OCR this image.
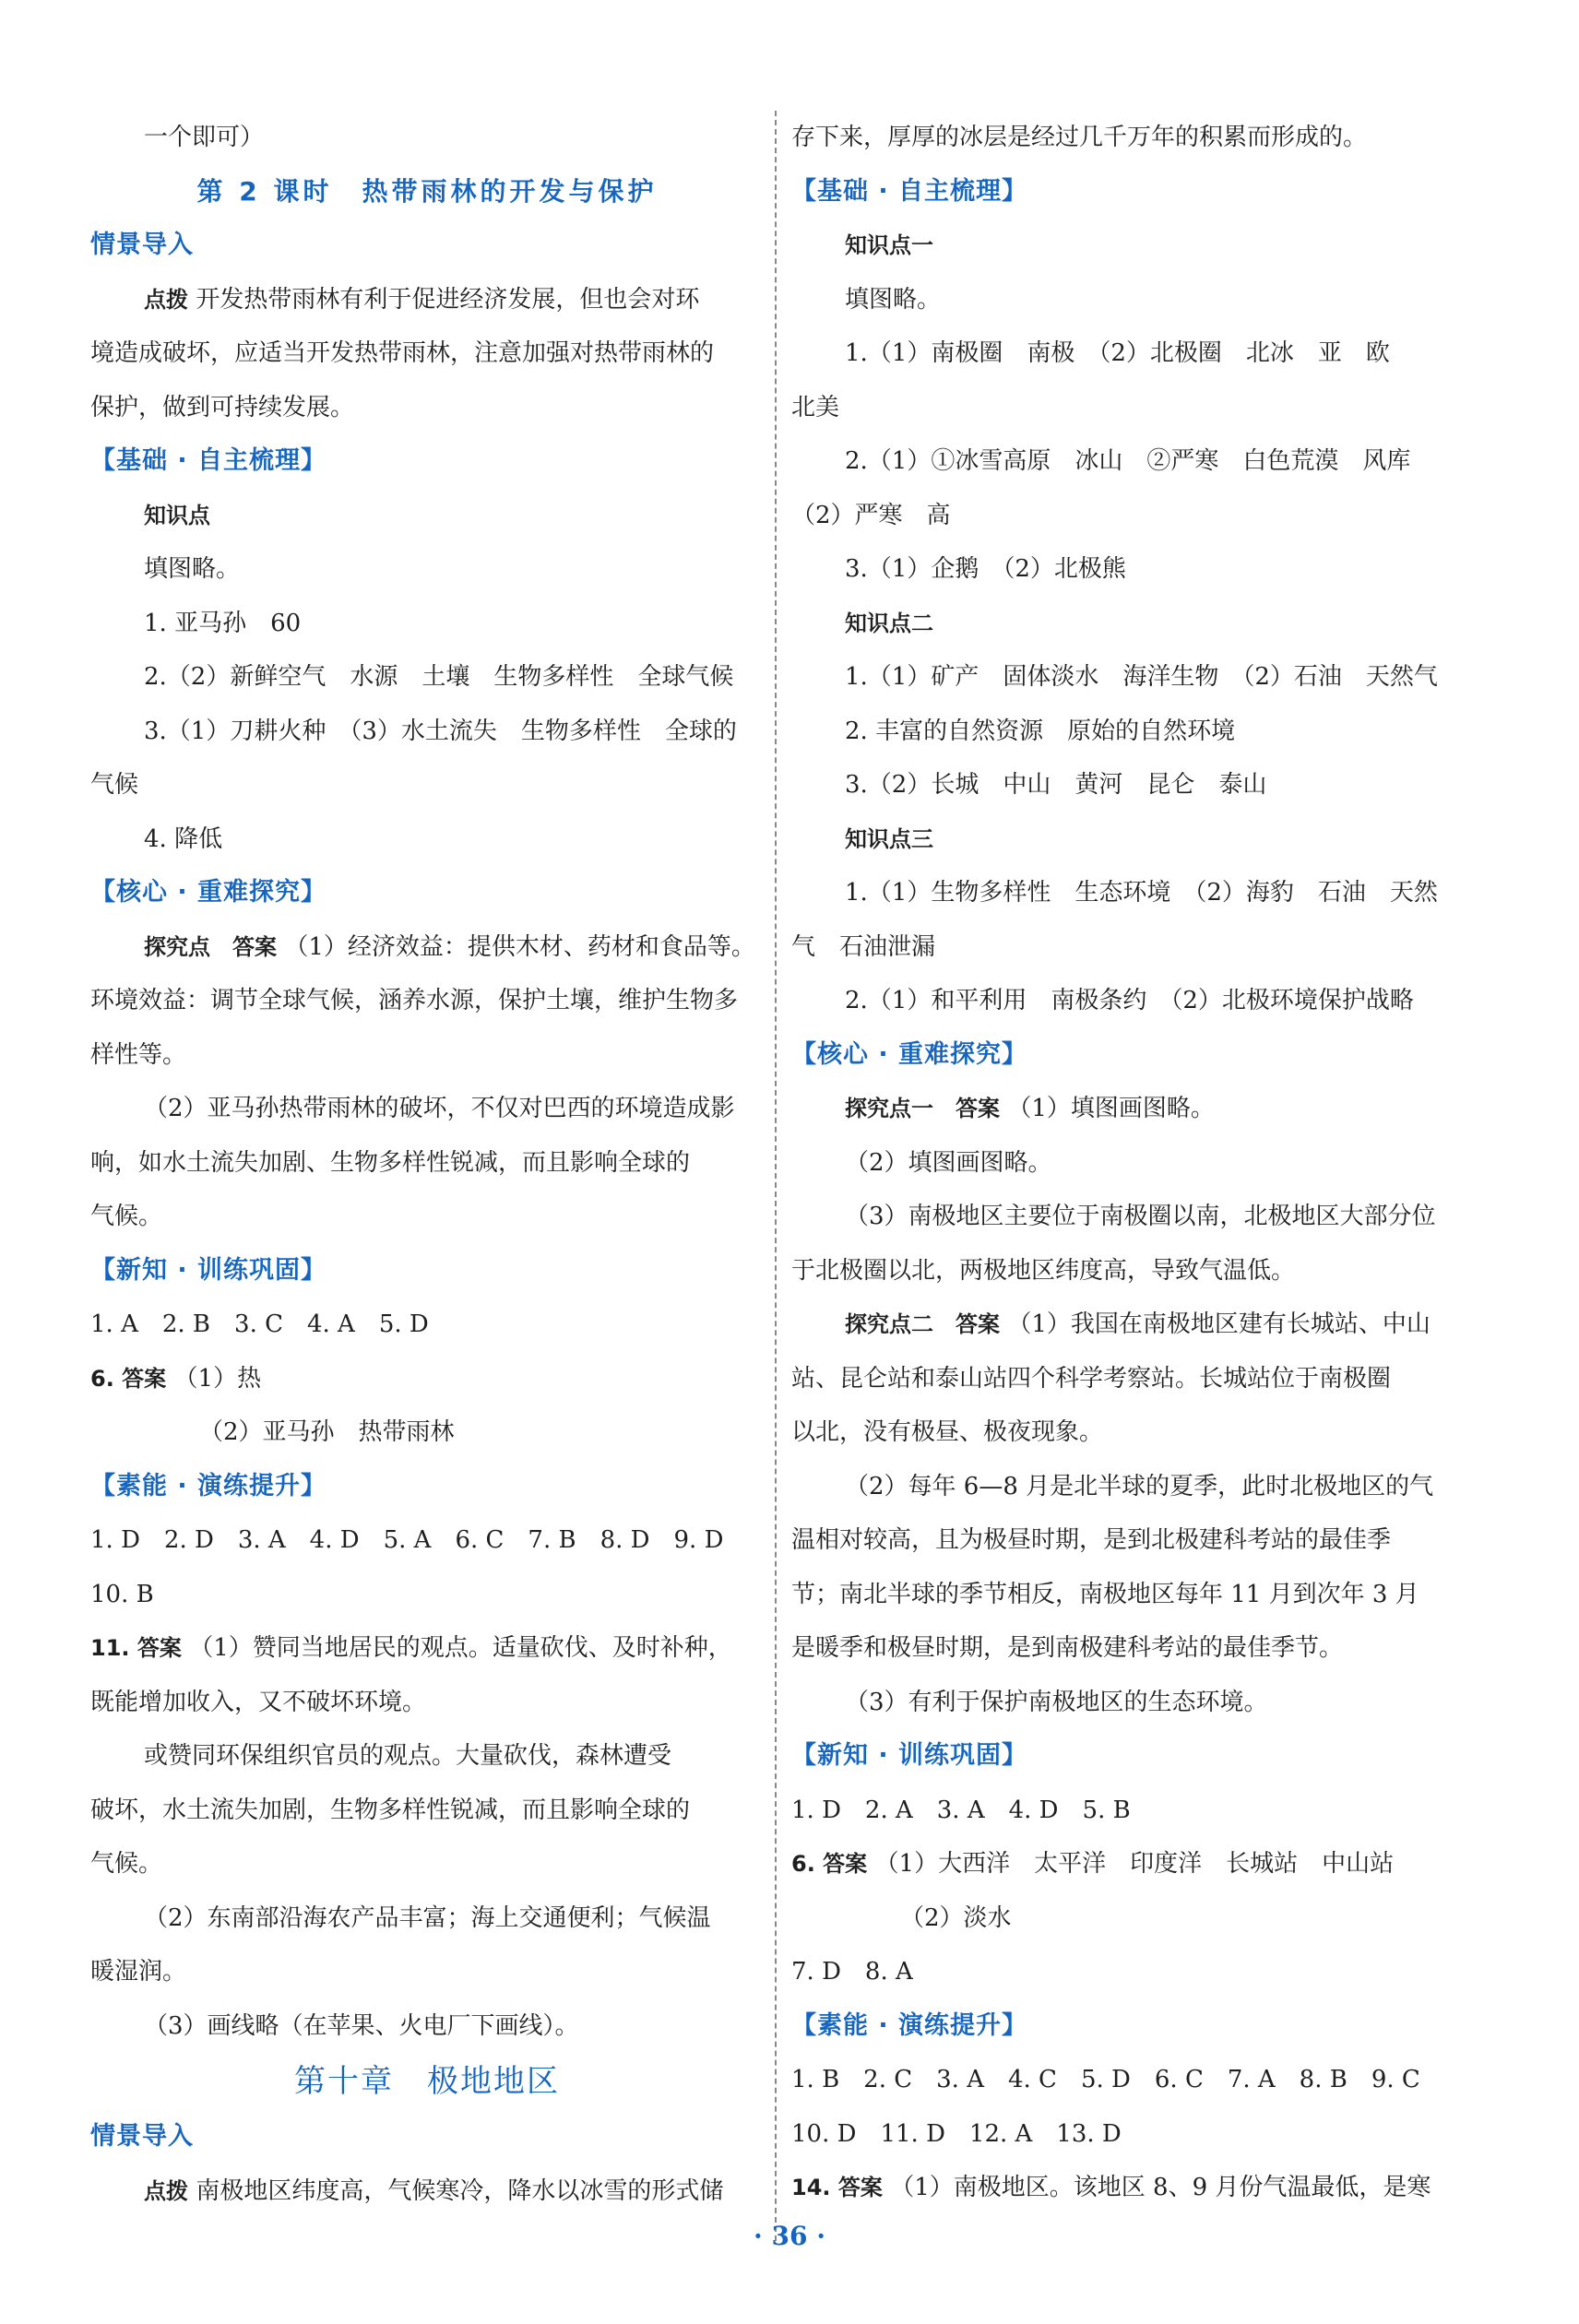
一个即可）
第 2 课时　热带雨林的开发与保护
情景导入
点拨 开发热带雨林有利于促进经济发展，但也会对环
境造成破坏，应适当开发热带雨林，注意加强对热带雨林的
保护，做到可持续发展。
【基础 · 自主梳理】
知识点
填图略。
1. 亚马孙　60
2.（2）新鲜空气　水源　土壤　生物多样性　全球气候
3.（1）刀耕火种　（3）水土流失　生物多样性　全球的
气候
4. 降低
【核心 · 重难探究】
探究点　答案 （1）经济效益：提供木材、药材和食品等。
环境效益：调节全球气候，涵养水源，保护土壤，维护生物多
样性等。
（2）亚马孙热带雨林的破坏，不仅对巴西的环境造成影
响，如水土流失加剧、生物多样性锐减，而且影响全球的
气候。
【新知 · 训练巩固】
1. A　2. B　3. C　4. A　5. D
6. 答案 （1）热
（2）亚马孙　热带雨林
【素能 · 演练提升】
1. D　2. D　3. A　4. D　5. A　6. C　7. B　8. D　9. D
10. B
11. 答案 （1）赞同当地居民的观点。适量砍伐、及时补种，
既能增加收入，又不破坏环境。
或赞同环保组织官员的观点。大量砍伐，森林遭受
破坏，水土流失加剧，生物多样性锐减，而且影响全球的
气候。
（2）东南部沿海农产品丰富；海上交通便利；气候温
暖湿润。
（3）画线略（在苹果、火电厂下画线）。
第十章　极地地区
情景导入
点拨 南极地区纬度高，气候寒冷，降水以冰雪的形式储
存下来，厚厚的冰层是经过几千万年的积累而形成的。
【基础 · 自主梳理】
知识点一
填图略。
1.（1）南极圈　南极　（2）北极圈　北冰　亚　欧
北美
2.（1）①冰雪高原　冰山　②严寒　白色荒漠　风库
（2）严寒　高
3.（1）企鹅　（2）北极熊
知识点二
1.（1）矿产　固体淡水　海洋生物　（2）石油　天然气
2. 丰富的自然资源　原始的自然环境
3.（2）长城　中山　黄河　昆仑　泰山
知识点三
1.（1）生物多样性　生态环境　（2）海豹　石油　天然
气　石油泄漏
2.（1）和平利用　南极条约　（2）北极环境保护战略
【核心 · 重难探究】
探究点一　答案 （1）填图画图略。
（2）填图画图略。
（3）南极地区主要位于南极圈以南，北极地区大部分位
于北极圈以北，两极地区纬度高，导致气温低。
探究点二　答案 （1）我国在南极地区建有长城站、中山
站、昆仑站和泰山站四个科学考察站。长城站位于南极圈
以北，没有极昼、极夜现象。
（2）每年 6—8 月是北半球的夏季，此时北极地区的气
温相对较高，且为极昼时期，是到北极建科考站的最佳季
节；南北半球的季节相反，南极地区每年 11 月到次年 3 月
是暖季和极昼时期，是到南极建科考站的最佳季节。
（3）有利于保护南极地区的生态环境。
【新知 · 训练巩固】
1. D　2. A　3. A　4. D　5. B
6. 答案 （1）大西洋　太平洋　印度洋　长城站　中山站
（2）淡水
7. D　8. A
【素能 · 演练提升】
1. B　2. C　3. A　4. C　5. D　6. C　7. A　8. B　9. C
10. D　11. D　12. A　13. D
14. 答案 （1）南极地区。该地区 8、9 月份气温最低，是寒
· 36 ·
